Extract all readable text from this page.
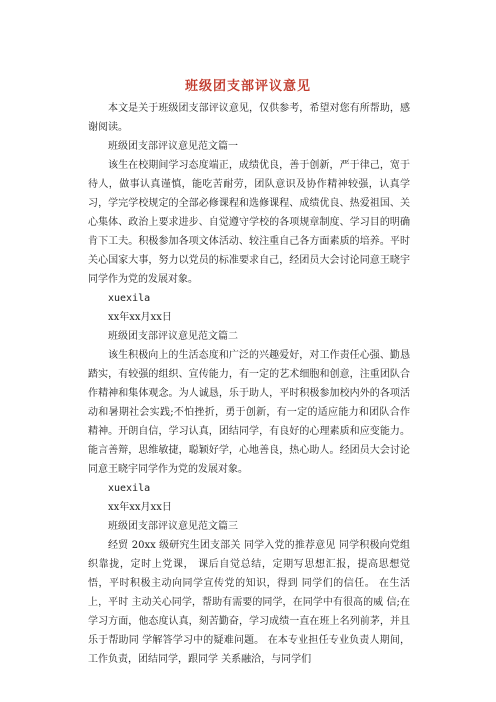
班级团支部评议意见

本文是关于班级团支部评议意见，仅供参考，希望对您有所帮助，感谢阅读。

班级团支部评议意见范文篇一

该生在校期间学习态度端正，成绩优良，善于创新，严于律己，宽于待人，做事认真谨慎，能吃苦耐劳，团队意识及协作精神较强，认真学习，学完学校规定的全部必修课程和选修课程、成绩优良、热爱祖国、关心集体、政治上要求进步、自觉遵守学校的各项规章制度、学习目的明确肯下工夫。积极参加各项文体活动、较注重自己各方面素质的培养。平时关心国家大事，努力以党员的标准要求自己，经团员大会讨论同意王晓宇同学作为党的发展对象。

xuexila

xx年xx月xx日

班级团支部评议意见范文篇二

该生积极向上的生活态度和广泛的兴趣爱好，对工作责任心强、勤恳踏实，有较强的组织、宣传能力，有一定的艺术细胞和创意，注重团队合作精神和集体观念。为人诚恳，乐于助人，平时积极参加校内外的各项活动和暑期社会实践;不怕挫折，勇于创新，有一定的适应能力和团队合作精神。开朗自信，学习认真，团结同学，有良好的心理素质和应变能力。能言善辩，思维敏捷，聪颖好学，心地善良，热心助人。经团员大会讨论同意王晓宇同学作为党的发展对象。

xuexila

xx年xx月xx日

班级团支部评议意见范文篇三

经贸 20xx 级研究生团支部关 同学入党的推荐意见 同学积极向党组织靠拢，定时上党课， 课后自觉总结，定期写思想汇报，提高思想觉悟，平时积极主动向同学宣传党的知识，得到 同学们的信任。 在生活上，平时 主动关心同学，帮助有需要的同学，在同学中有很高的威 信;在学习方面，他态度认真，刻苦勤奋，学习成绩一直在班上名列前茅，并且乐于帮助同 学解答学习中的疑难问题。 在本专业担任专业负责人期间，工作负责，团结同学，跟同学 关系融洽，与同学们
